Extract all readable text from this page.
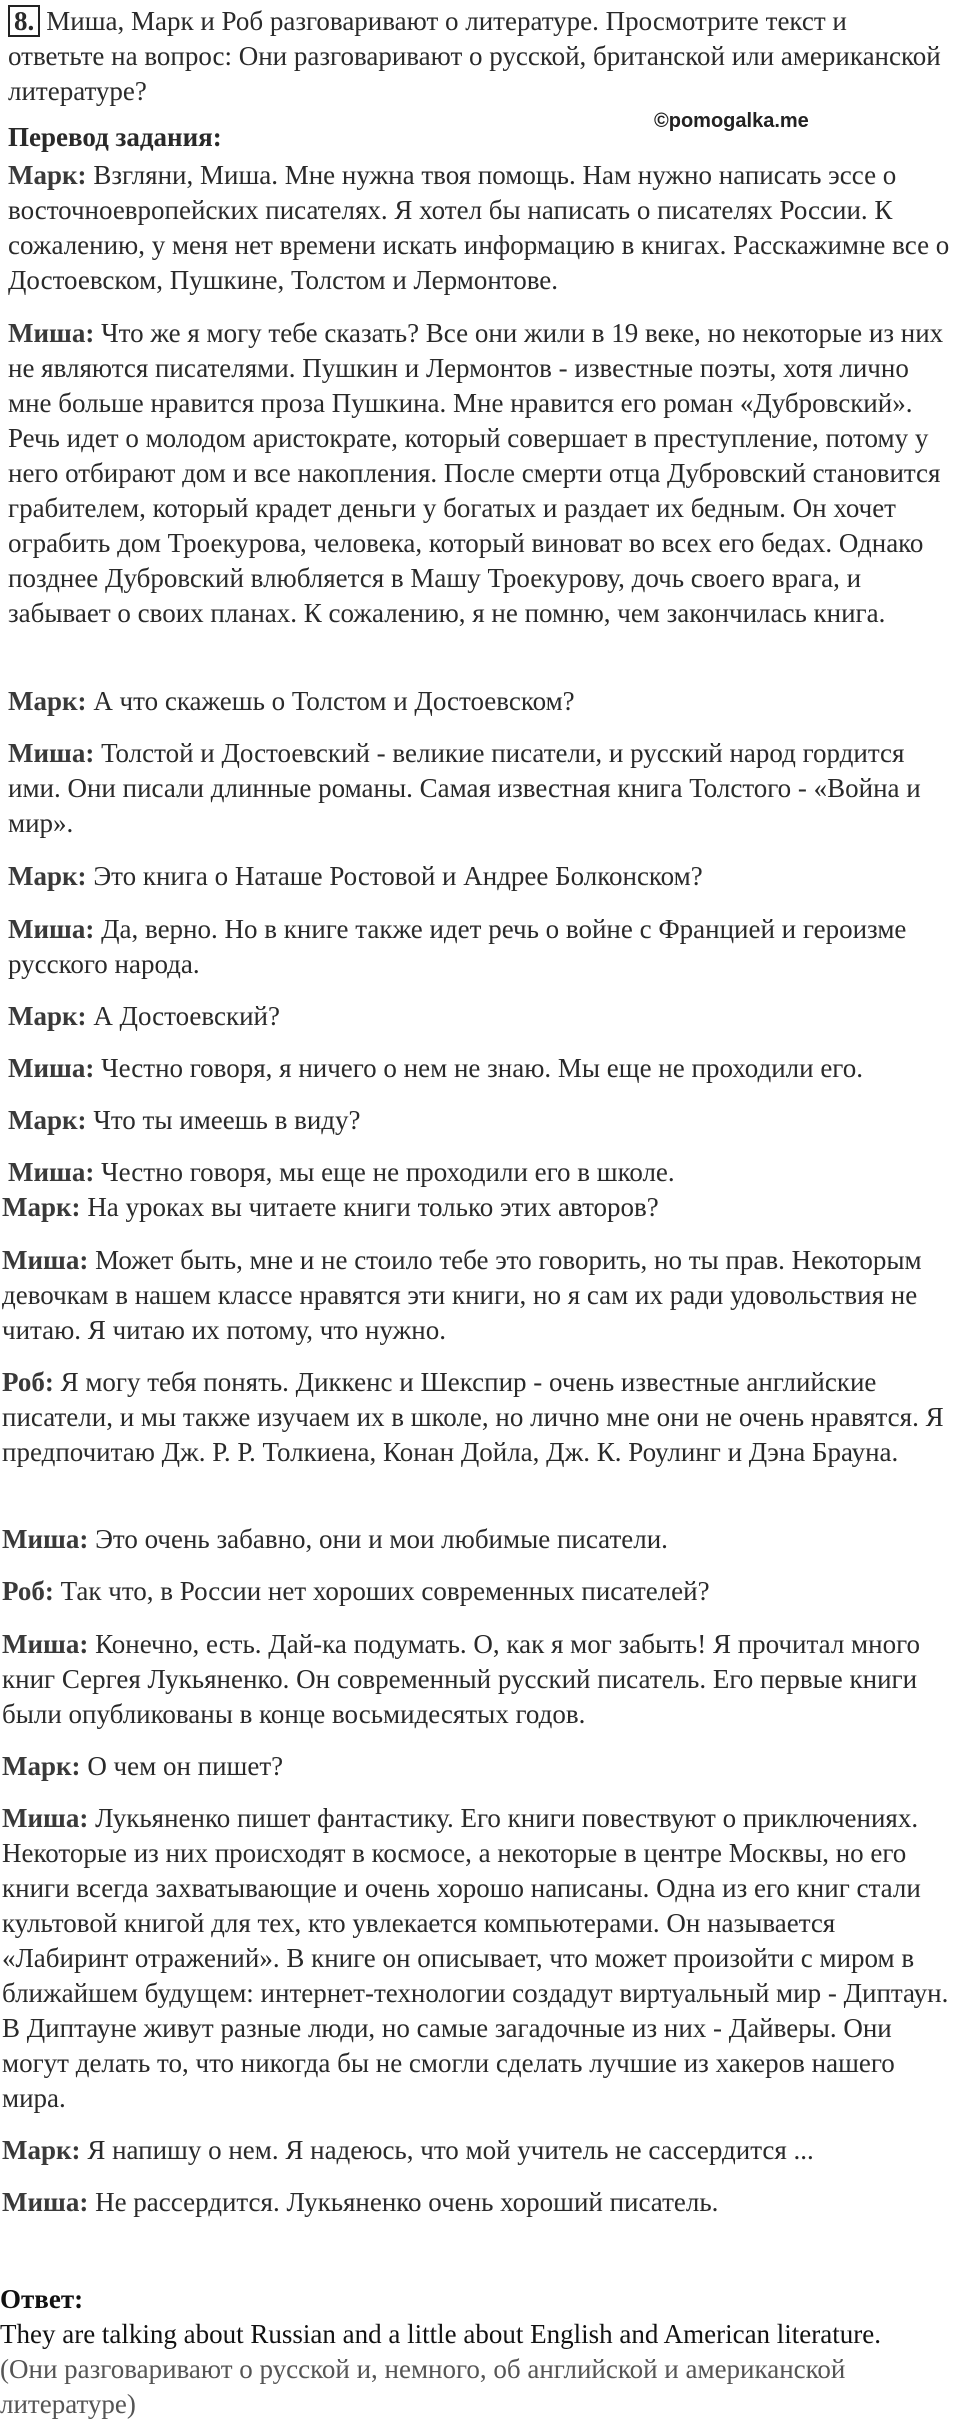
8. Миша, Марк и Роб разговаривают о литературе. Просмотрите текст и ответьте на вопрос: Они разговаривают о русской, британской или американской литературе?
Перевод задания:
©pomogalka.me
Марк: Взгляни, Миша. Мне нужна твоя помощь. Нам нужно написать эссе о восточноевропейских писателях. Я хотел бы написать о писателях России. К сожалению, у меня нет времени искать информацию в книгах. Расскажимне все о Достоевском, Пушкине, Толстом и Лермонтове.
Миша: Что же я могу тебе сказать? Все они жили в 19 веке, но некоторые из них не являются писателями. Пушкин и Лермонтов - известные поэты, хотя лично мне больше нравится проза Пушкина. Мне нравится его роман «Дубровский». Речь идет о молодом аристократе, который совершает в преступление, потому у него отбирают дом и все накопления. После смерти отца Дубровский становится грабителем, который крадет деньги у богатых и раздает их бедным. Он хочет ограбить дом Троекурова, человека, который виноват во всех его бедах. Однако позднее Дубровский влюбляется в Машу Троекурову, дочь своего врага, и забывает о своих планах. К сожалению, я не помню, чем закончилась книга.
Марк: А что скажешь о Толстом и Достоевском?
Миша: Толстой и Достоевский - великие писатели, и русский народ гордится ими. Они писали длинные романы. Самая известная книга Толстого - «Война и мир».
Марк: Это книга о Наташе Ростовой и Андрее Болконском?
Миша: Да, верно. Но в книге также идет речь о войне с Францией и героизме русского народа.
Марк: А Достоевский?
Миша: Честно говоря, я ничего о нем не знаю. Мы еще не проходили его.
Марк: Что ты имеешь в виду?
Миша: Честно говоря, мы еще не проходили его в школе.
Марк: На уроках вы читаете книги только этих авторов?
Миша: Может быть, мне и не стоило тебе это говорить, но ты прав. Некоторым девочкам в нашем классе нравятся эти книги, но я сам их ради удовольствия не читаю. Я читаю их потому, что нужно.
Роб: Я могу тебя понять. Диккенс и Шекспир - очень известные английские писатели, и мы также изучаем их в школе, но лично мне они не очень нравятся. Я предпочитаю Дж. Р. Р. Толкиена, Конан Дойла, Дж. К. Роулинг и Дэна Брауна.
Миша: Это очень забавно, они и мои любимые писатели.
Роб: Так что, в России нет хороших современных писателей?
Миша: Конечно, есть. Дай-ка подумать. О, как я мог забыть! Я прочитал много книг Сергея Лукьяненко. Он современный русский писатель. Его первые книги были опубликованы в конце восьмидесятых годов.
Марк: О чем он пишет?
Миша: Лукьяненко пишет фантастику. Его книги повествуют о приключениях. Некоторые из них происходят в космосе, а некоторые в центре Москвы, но его книги всегда захватывающие и очень хорошо написаны. Одна из его книг стали культовой книгой для тех, кто увлекается компьютерами. Он называется «Лабиринт отражений». В книге он описывает, что может произойти с миром в ближайшем будущем: интернет-технологии создадут виртуальный мир - Диптаун. В Диптауне живут разные люди, но самые загадочные из них - Дайверы. Они могут делать то, что никогда бы не смогли сделать лучшие из хакеров нашего мира.
Марк: Я напишу о нем. Я надеюсь, что мой учитель не сассердится ...
Миша: Не рассердится. Лукьяненко очень хороший писатель.
Ответ:
They are talking about Russian and a little about English and American literature.
(Они разговаривают о русской и, немного, об английской и американской литературе)
